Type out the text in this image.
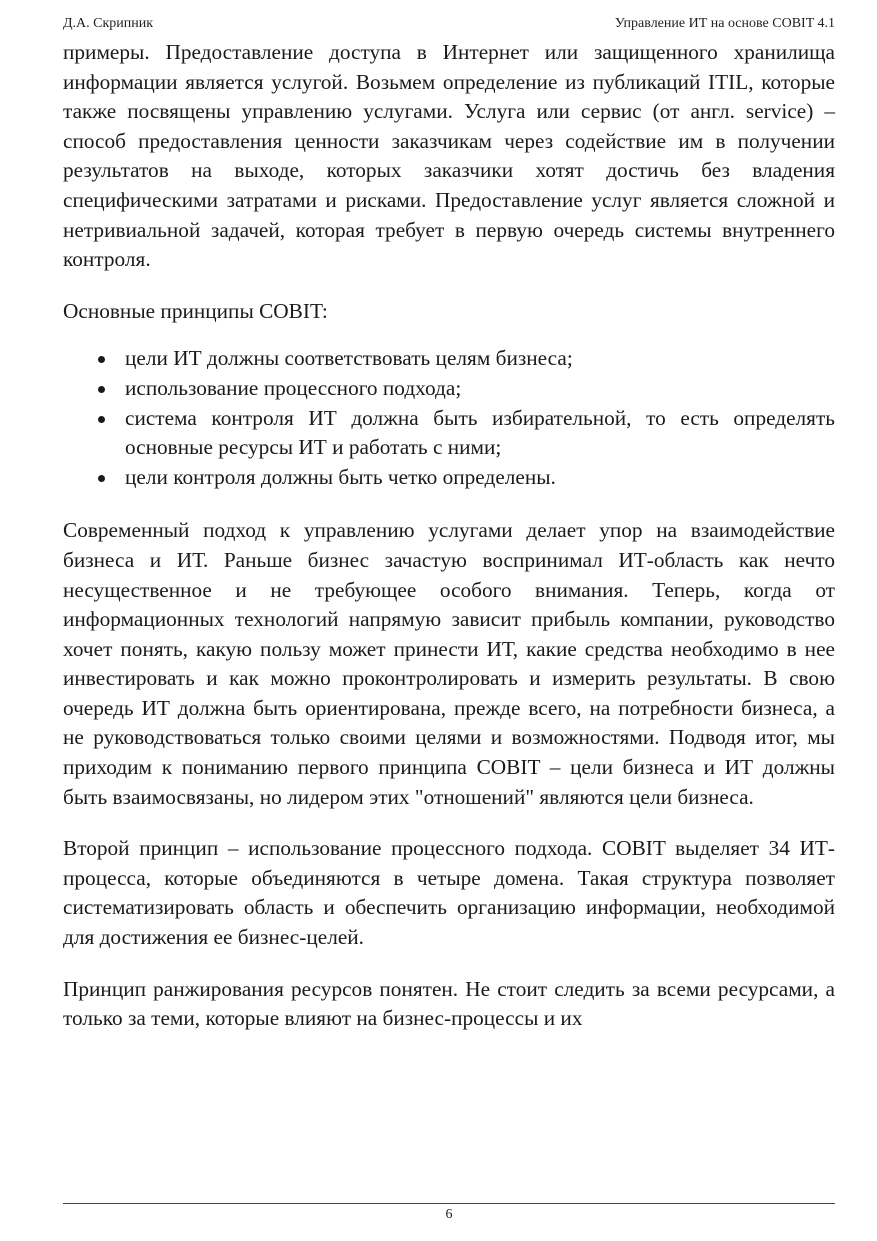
Д.А. Скрипник	Управление ИТ на основе COBIT 4.1

примеры. Предоставление доступа в Интернет или защищенного хранилища информации является услугой. Возьмем определение из публикаций ITIL, которые также посвящены управлению услугами. Услуга или сервис (от англ. service) – способ предоставления ценности заказчикам через содействие им в получении результатов на выходе, которых заказчики хотят достичь без владения специфическими затратами и рисками. Предоставление услуг является сложной и нетривиальной задачей, которая требует в первую очередь системы внутреннего контроля.

Основные принципы COBIT:

цели ИТ должны соответствовать целям бизнеса;
использование процессного подхода;
система контроля ИТ должна быть избирательной, то есть определять основные ресурсы ИТ и работать с ними;
цели контроля должны быть четко определены.

Современный подход к управлению услугами делает упор на взаимодействие бизнеса и ИТ. Раньше бизнес зачастую воспринимал ИТ-область как нечто несущественное и не требующее особого внимания. Теперь, когда от информационных технологий напрямую зависит прибыль компании, руководство хочет понять, какую пользу может принести ИТ, какие средства необходимо в нее инвестировать и как можно проконтролировать и измерить результаты. В свою очередь ИТ должна быть ориентирована, прежде всего, на потребности бизнеса, а не руководствоваться только своими целями и возможностями. Подводя итог, мы приходим к пониманию первого принципа COBIT – цели бизнеса и ИТ должны быть взаимосвязаны, но лидером этих "отношений" являются цели бизнеса.

Второй принцип – использование процессного подхода. COBIT выделяет 34 ИТ-процесса, которые объединяются в четыре домена. Такая структура позволяет систематизировать область и обеспечить организацию информации, необходимой для достижения ее бизнес-целей.

Принцип ранжирования ресурсов понятен. Не стоит следить за всеми ресурсами, а только за теми, которые влияют на бизнес-процессы и их

6
